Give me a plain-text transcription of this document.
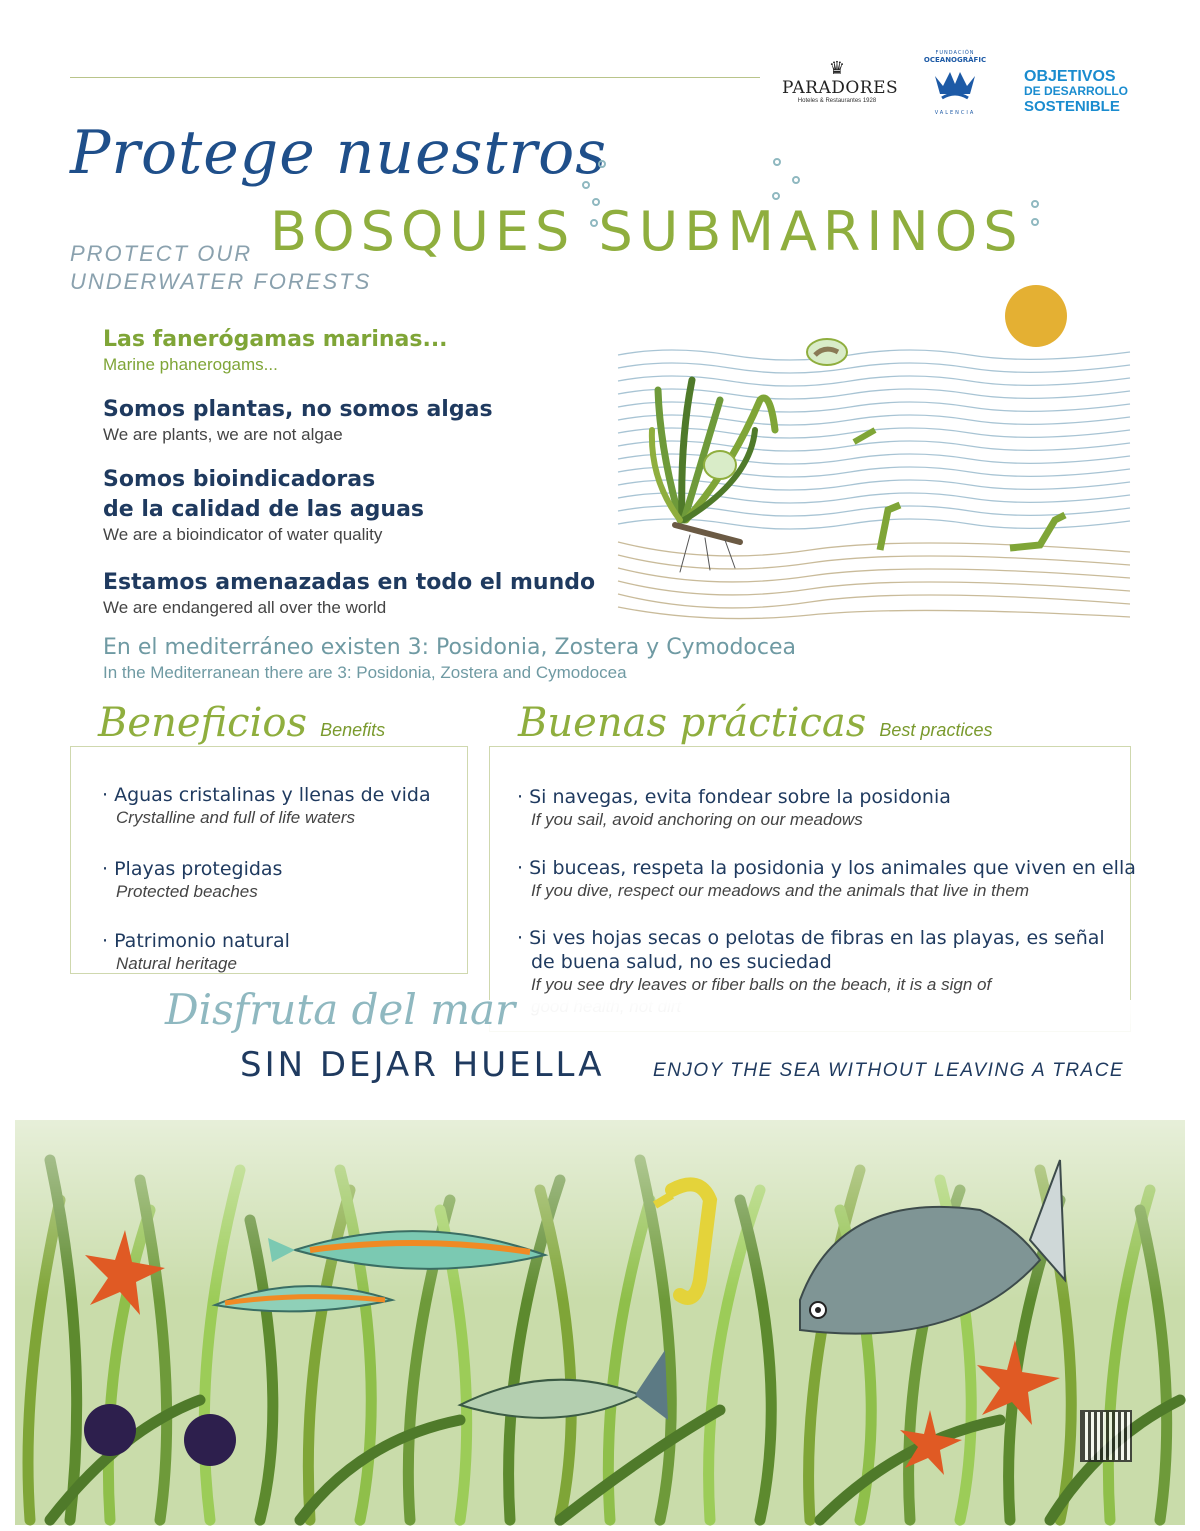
♛
PARADORES
Hoteles & Restaurantes 1928
FUNDACIÓN
OCEANOGRÀFIC
VALENCIA
OBJETIVOS
DE DESARROLLO
SOSTENIBLE
Protege nuestros
BOSQUES SUBMARINOS
PROTECT OUR
UNDERWATER FORESTS
Las fanerógamas marinas...
Marine phanerogams...
Somos plantas, no somos algas
We are plants, we are not algae
Somos bioindicadoras
de la calidad de las aguas
We are a bioindicator of water quality
Estamos amenazadas en todo el mundo
We are endangered all over the world
En el mediterráneo existen 3: Posidonia, Zostera y Cymodocea
In the Mediterranean there are 3: Posidonia, Zostera and Cymodocea
Beneficios Benefits
· Aguas cristalinas y llenas de vida
Crystalline and full of life waters
· Playas protegidas
Protected beaches
· Patrimonio natural
Natural heritage
Buenas prácticas Best practices
· Si navegas, evita fondear sobre la posidonia
If you sail, avoid anchoring on our meadows
· Si buceas, respeta la posidonia y los animales que viven en ella
If you dive, respect our meadows and the animals that live in them
· Si ves hojas secas o pelotas de fibras en las playas, es señal
de buena salud, no es suciedad
If you see dry leaves or fiber balls on the beach, it is a sign of
Disfruta del mar
SIN DEJAR HUELLA	ENJOY THE SEA WITHOUT LEAVING A TRACE
